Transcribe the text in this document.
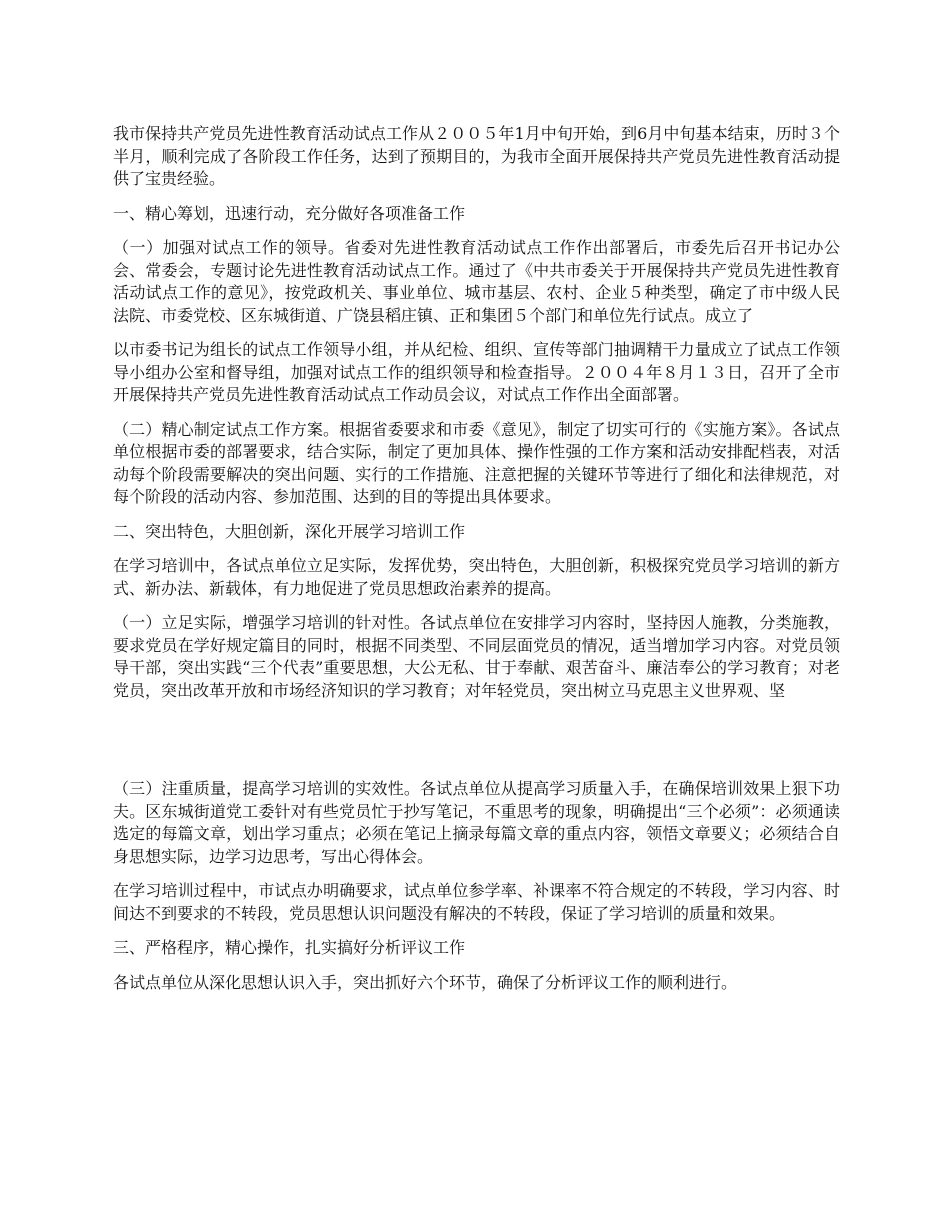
我市保持共产党员先进性教育活动试点工作从２００５年1月中旬开始，到6月中旬基本结束，历时３个半月，顺利完成了各阶段工作任务，达到了预期目的，为我市全面开展保持共产党员先进性教育活动提供了宝贵经验。

一、精心筹划，迅速行动，充分做好各项准备工作

（一）加强对试点工作的领导。省委对先进性教育活动试点工作作出部署后，市委先后召开书记办公会、常委会，专题讨论先进性教育活动试点工作。通过了《中共市委关于开展保持共产党员先进性教育活动试点工作的意见》，按党政机关、事业单位、城市基层、农村、企业５种类型，确定了市中级人民法院、市委党校、区东城街道、广饶县稻庄镇、正和集团５个部门和单位先行试点。成立了

以市委书记为组长的试点工作领导小组，并从纪检、组织、宣传等部门抽调精干力量成立了试点工作领导小组办公室和督导组，加强对试点工作的组织领导和检查指导。２００４年８月１３日，召开了全市开展保持共产党员先进性教育活动试点工作动员会议，对试点工作作出全面部署。

（二）精心制定试点工作方案。根据省委要求和市委《意见》，制定了切实可行的《实施方案》。各试点单位根据市委的部署要求，结合实际，制定了更加具体、操作性强的工作方案和活动安排配档表，对活动每个阶段需要解决的突出问题、实行的工作措施、注意把握的关键环节等进行了细化和法律规范，对每个阶段的活动内容、参加范围、达到的目的等提出具体要求。

二、突出特色，大胆创新，深化开展学习培训工作

在学习培训中，各试点单位立足实际，发挥优势，突出特色，大胆创新，积极探究党员学习培训的新方式、新办法、新载体，有力地促进了党员思想政治素养的提高。

（一）立足实际，增强学习培训的针对性。各试点单位在安排学习内容时，坚持因人施教，分类施教，要求党员在学好规定篇目的同时，根据不同类型、不同层面党员的情况，适当增加学习内容。对党员领导干部，突出实践“三个代表”重要思想，大公无私、甘于奉献、艰苦奋斗、廉洁奉公的学习教育；对老党员，突出改革开放和市场经济知识的学习教育；对年轻党员，突出树立马克思主义世界观、坚

（三）注重质量，提高学习培训的实效性。各试点单位从提高学习质量入手，在确保培训效果上狠下功夫。区东城街道党工委针对有些党员忙于抄写笔记，不重思考的现象，明确提出“三个必须”：必须通读选定的每篇文章，划出学习重点；必须在笔记上摘录每篇文章的重点内容，领悟文章要义；必须结合自身思想实际，边学习边思考，写出心得体会。

在学习培训过程中，市试点办明确要求，试点单位参学率、补课率不符合规定的不转段，学习内容、时间达不到要求的不转段，党员思想认识问题没有解决的不转段，保证了学习培训的质量和效果。

三、严格程序，精心操作，扎实搞好分析评议工作

各试点单位从深化思想认识入手，突出抓好六个环节，确保了分析评议工作的顺利进行。
